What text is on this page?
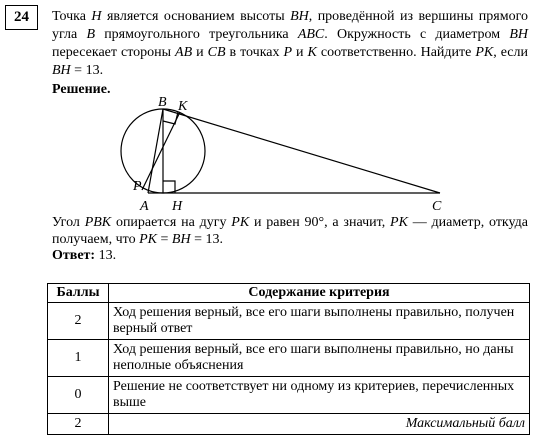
24	Точка H является основанием высоты BH, проведённой из вершины прямого угла B прямоугольного треугольника ABC. Окружность с диаметром BH пересекает стороны AB и CB в точках P и K соответственно. Найдите PK, если BH = 13.

Решение.

B K
P
A H	C

Угол PBK опирается на дугу PK и равен 90°, а значит, PK — диаметр, откуда получаем, что PK = BH = 13.

Ответ: 13.

Баллы	Содержание критерия
2	Ход решения верный, все его шаги выполнены правильно, получен верный ответ
1	Ход решения верный, все его шаги выполнены правильно, но даны неполные объяснения
0	Решение не соответствует ни одному из критериев, перечисленных выше
2	Максимальный балл
